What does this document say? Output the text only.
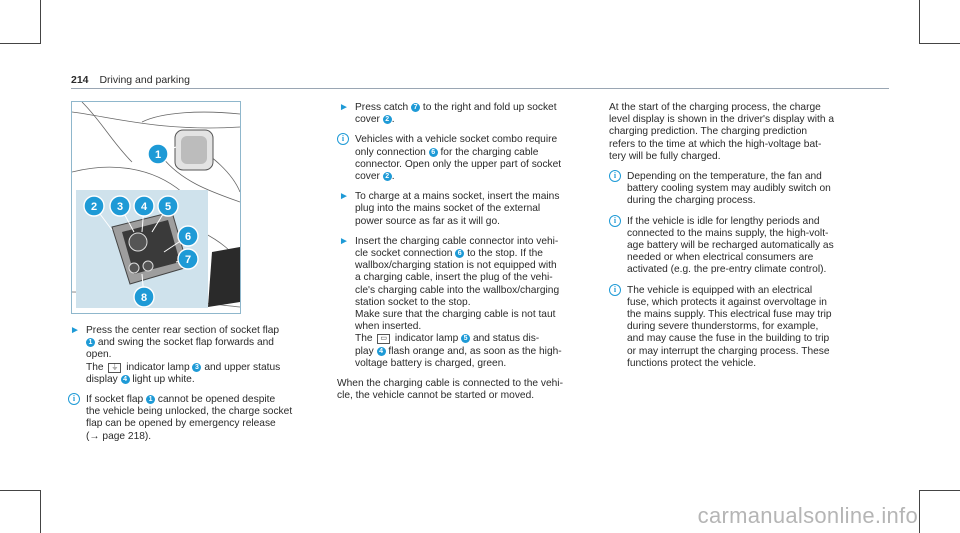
214 Driving and parking
1
2 3 4 5
6
7
8
► Press the center rear section of socket flap

1 and swing the socket flap forwards and

open.

The ⏚ indicator lamp 3 and upper status

display 4 light up white.

i	If socket flap 1 cannot be opened despite

the vehicle being unlocked, the charge socket

flap can be opened by emergency release

(→ page 218).

► Press catch 7 to the right and fold up socket

cover 2 .

i	Vehicles with a vehicle socket combo require

only connection 6 for the charging cable

connector. Open only the upper part of socket

cover 2 .

► To charge at a mains socket, insert the mains

plug into the mains socket of the external

power source as far as it will go.

► Insert the charging cable connector into vehi-

cle socket connection 6 to the stop. If the

wallbox/charging station is not equipped with

a charging cable, insert the plug of the vehi-

cle's charging cable into the wallbox/charging

station socket to the stop.

Make sure that the charging cable is not taut

when inserted.

The ▭ indicator lamp 5 and status dis-

play 4 flash orange and, as soon as the high-

voltage battery is charged, green.

When the charging cable is connected to the vehi-

cle, the vehicle cannot be started or moved.

At the start of the charging process, the charge

level display is shown in the driver's display with a

charging prediction. The charging prediction

refers to the time at which the high-voltage bat-

tery will be fully charged.

i	Depending on the temperature, the fan and

battery cooling system may audibly switch on

during the charging process.

i	If the vehicle is idle for lengthy periods and

connected to the mains supply, the high-volt-

age battery will be recharged automatically as

needed or when electrical consumers are

activated (e.g. the pre-entry climate control).

i	The vehicle is equipped with an electrical

fuse, which protects it against overvoltage in

the mains supply. This electrical fuse may trip

during severe thunderstorms, for example,

and may cause the fuse in the building to trip

or may interrupt the charging process. These

functions protect the vehicle.

carmanualsonline.info
